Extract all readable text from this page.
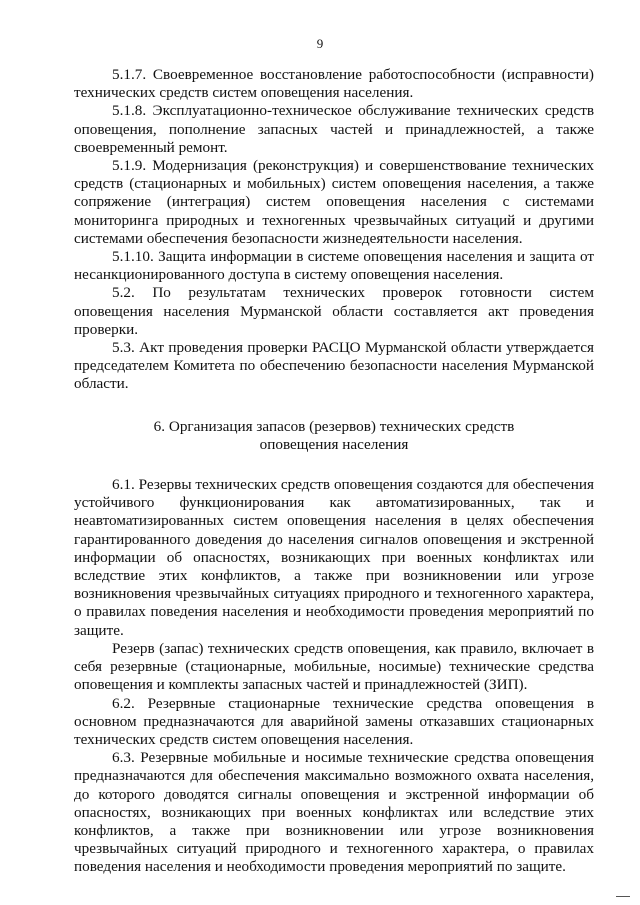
9

5.1.7. Своевременное восстановление работоспособности (исправности) технических средств систем оповещения населения.

5.1.8. Эксплуатационно-техническое обслуживание технических средств оповещения, пополнение запасных частей и принадлежностей, а также своевременный ремонт.

5.1.9. Модернизация (реконструкция) и совершенствование технических средств (стационарных и мобильных) систем оповещения населения, а также сопряжение (интеграция) систем оповещения населения с системами мониторинга природных и техногенных чрезвычайных ситуаций и другими системами обеспечения безопасности жизнедеятельности населения.

5.1.10. Защита информации в системе оповещения населения и защита от несанкционированного доступа в систему оповещения населения.

5.2. По результатам технических проверок готовности систем оповещения населения Мурманской области составляется акт проведения проверки.

5.3. Акт проведения проверки РАСЦО Мурманской области утверждается председателем Комитета по обеспечению безопасности населения Мурманской области.

6. Организация запасов (резервов) технических средств оповещения населения

6.1. Резервы технических средств оповещения создаются для обеспечения устойчивого функционирования как автоматизированных, так и неавтоматизированных систем оповещения населения в целях обеспечения гарантированного доведения до населения сигналов оповещения и экстренной информации об опасностях, возникающих при военных конфликтах или вследствие этих конфликтов, а также при возникновении или угрозе возникновения чрезвычайных ситуациях природного и техногенного характера, о правилах поведения населения и необходимости проведения мероприятий по защите.

Резерв (запас) технических средств оповещения, как правило, включает в себя резервные (стационарные, мобильные, носимые) технические средства оповещения и комплекты запасных частей и принадлежностей (ЗИП).

6.2. Резервные стационарные технические средства оповещения в основном предназначаются для аварийной замены отказавших стационарных технических средств систем оповещения населения.

6.3. Резервные мобильные и носимые технические средства оповещения предназначаются для обеспечения максимально возможного охвата населения, до которого доводятся сигналы оповещения и экстренной информации об опасностях, возникающих при военных конфликтах или вследствие этих конфликтов, а также при возникновении или угрозе возникновения чрезвычайных ситуаций природного и техногенного характера, о правилах поведения населения и необходимости проведения мероприятий по защите.
